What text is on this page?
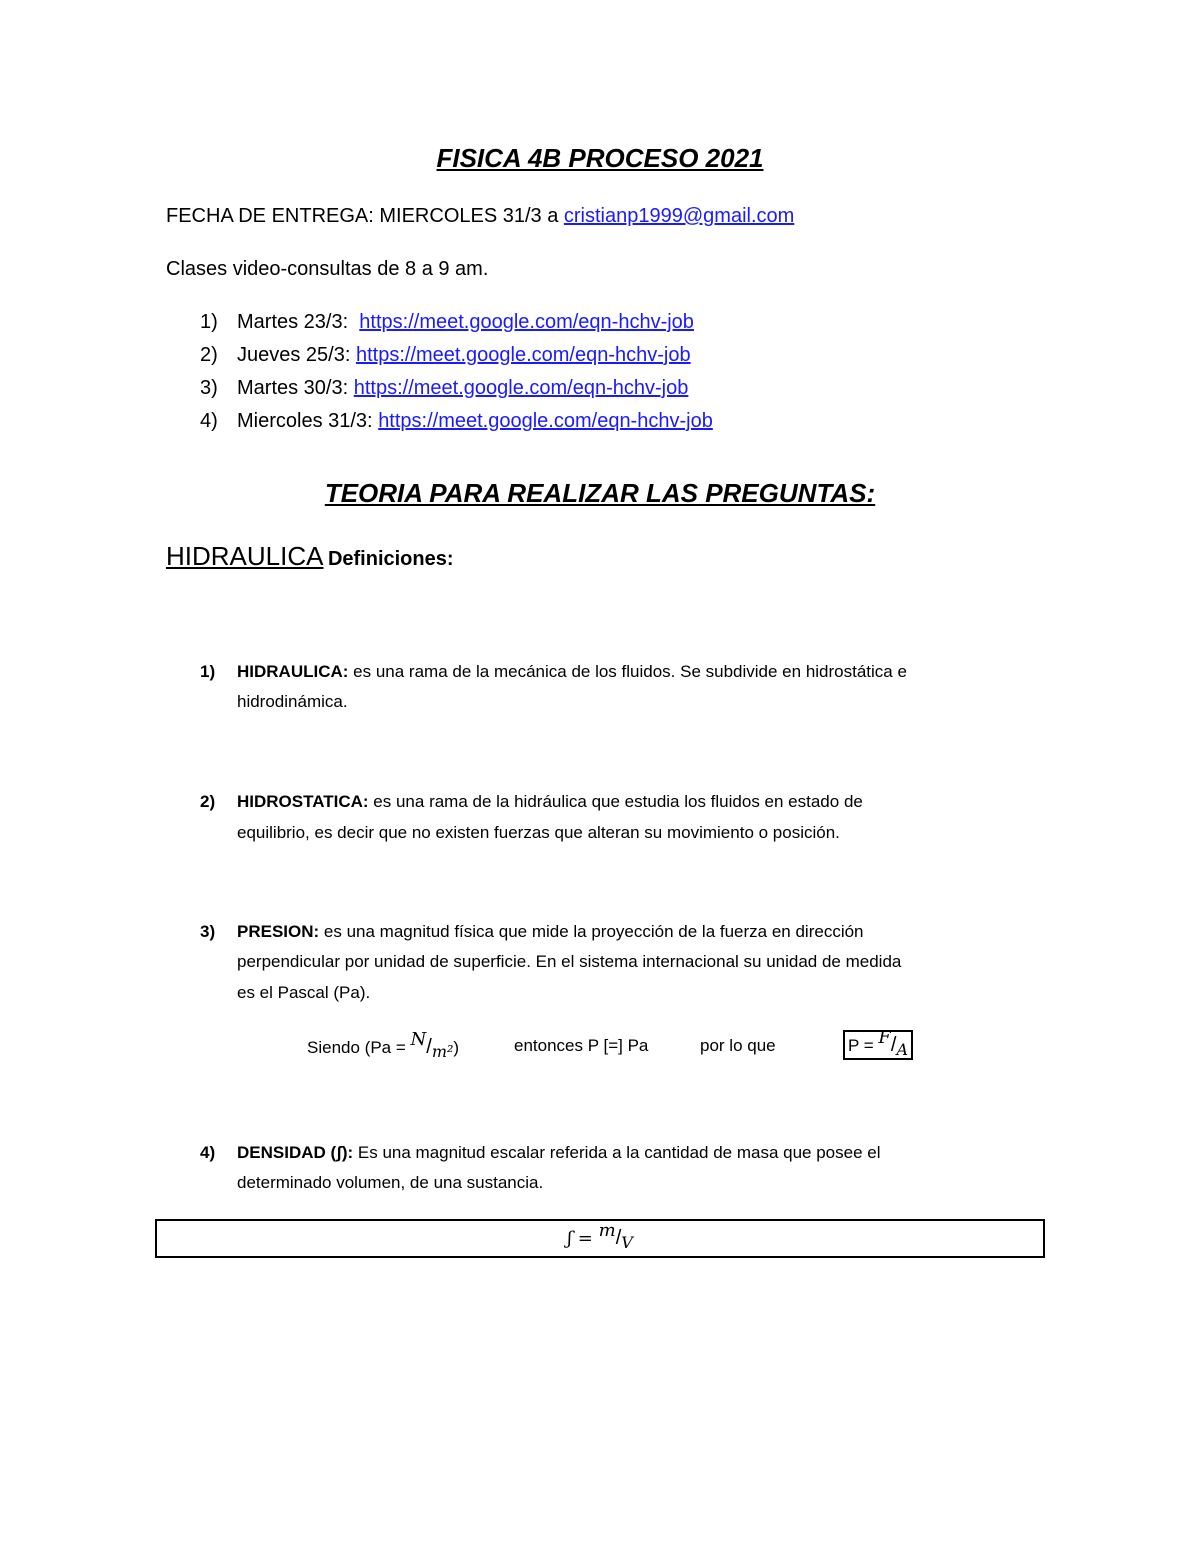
FISICA 4B PROCESO 2021
FECHA DE ENTREGA: MIERCOLES 31/3 a cristianp1999@gmail.com
Clases video-consultas de 8 a 9 am.
1) Martes 23/3: https://meet.google.com/eqn-hchv-job
2) Jueves 25/3: https://meet.google.com/eqn-hchv-job
3) Martes 30/3: https://meet.google.com/eqn-hchv-job
4) Miercoles 31/3: https://meet.google.com/eqn-hchv-job
TEORIA PARA REALIZAR LAS PREGUNTAS:
HIDRAULICA Definiciones:
1) HIDRAULICA: es una rama de la mecánica de los fluidos. Se subdivide en hidrostática e
hidrodinámica.
2) HIDROSTATICA: es una rama de la hidráulica que estudia los fluidos en estado de
equilibrio, es decir que no existen fuerzas que alteran su movimiento o posición.
3) PRESION: es una magnitud física que mide la proyección de la fuerza en dirección
perpendicular por unidad de superficie. En el sistema internacional su unidad de medida
es el Pascal (Pa).
Siendo (Pa = N/m²)	entonces P [=] Pa	por lo que	P = F/A
4) DENSIDAD (ʃ): Es una magnitud escalar referida a la cantidad de masa que posee el
determinado volumen, de una sustancia.
ʃ = m/V
